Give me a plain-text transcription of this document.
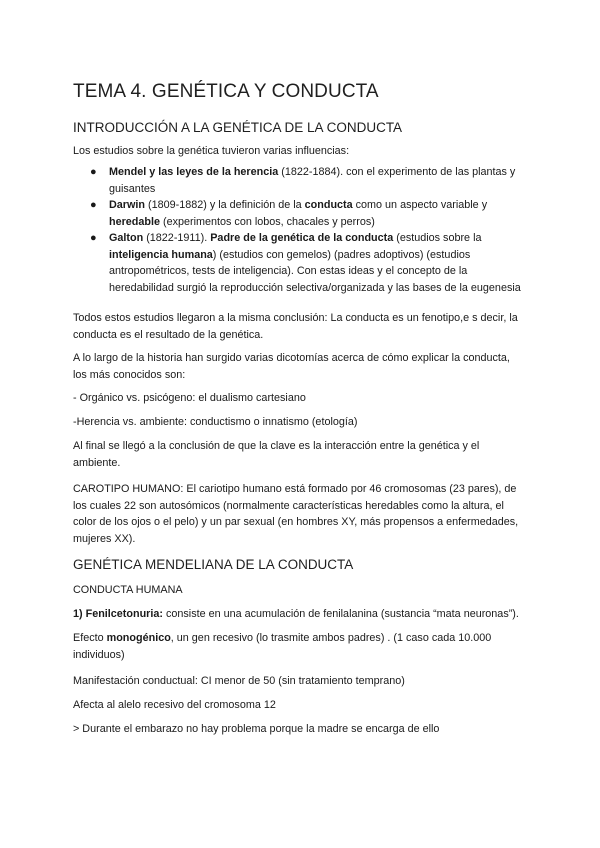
TEMA 4. GENÉTICA Y CONDUCTA
INTRODUCCIÓN A LA GENÉTICA DE LA CONDUCTA
Los estudios sobre la genética tuvieron varias influencias:
● Mendel y las leyes de la herencia (1822-1884). con el experimento de las plantas y guisantes
● Darwin (1809-1882) y la definición de la conducta como un aspecto variable y heredable (experimentos con lobos, chacales y perros)
● Galton (1822-1911). Padre de la genética de la conducta (estudios sobre la inteligencia humana) (estudios con gemelos) (padres adoptivos) (estudios antropométricos, tests de inteligencia). Con estas ideas y el concepto de la heredabilidad surgió la reproducción selectiva/organizada y las bases de la eugenesia
Todos estos estudios llegaron a la misma conclusión: La conducta es un fenotipo,e s decir, la conducta es el resultado de la genética.
A lo largo de la historia han surgido varias dicotomías acerca de cómo explicar la conducta, los más conocidos son:
- Orgánico vs. psicógeno: el dualismo cartesiano
-Herencia vs. ambiente: conductismo o innatismo (etología)
Al final se llegó a la conclusión de que la clave es la interacción entre la genética y el ambiente.
CAROTIPO HUMANO: El cariotipo humano está formado por 46 cromosomas (23 pares), de los cuales 22 son autosómicos (normalmente características heredables como la altura, el color de los ojos o el pelo) y un par sexual (en hombres XY, más propensos a enfermedades, mujeres XX).
GENÉTICA MENDELIANA DE LA CONDUCTA
CONDUCTA HUMANA
1) Fenilcetonuria: consiste en una acumulación de fenilalanina (sustancia “mata neuronas”).
Efecto monogénico, un gen recesivo (lo trasmite ambos padres) . (1 caso cada 10.000 individuos)
Manifestación conductual: CI menor de 50 (sin tratamiento temprano)
Afecta al alelo recesivo del cromosoma 12
> Durante el embarazo no hay problema porque la madre se encarga de ello
